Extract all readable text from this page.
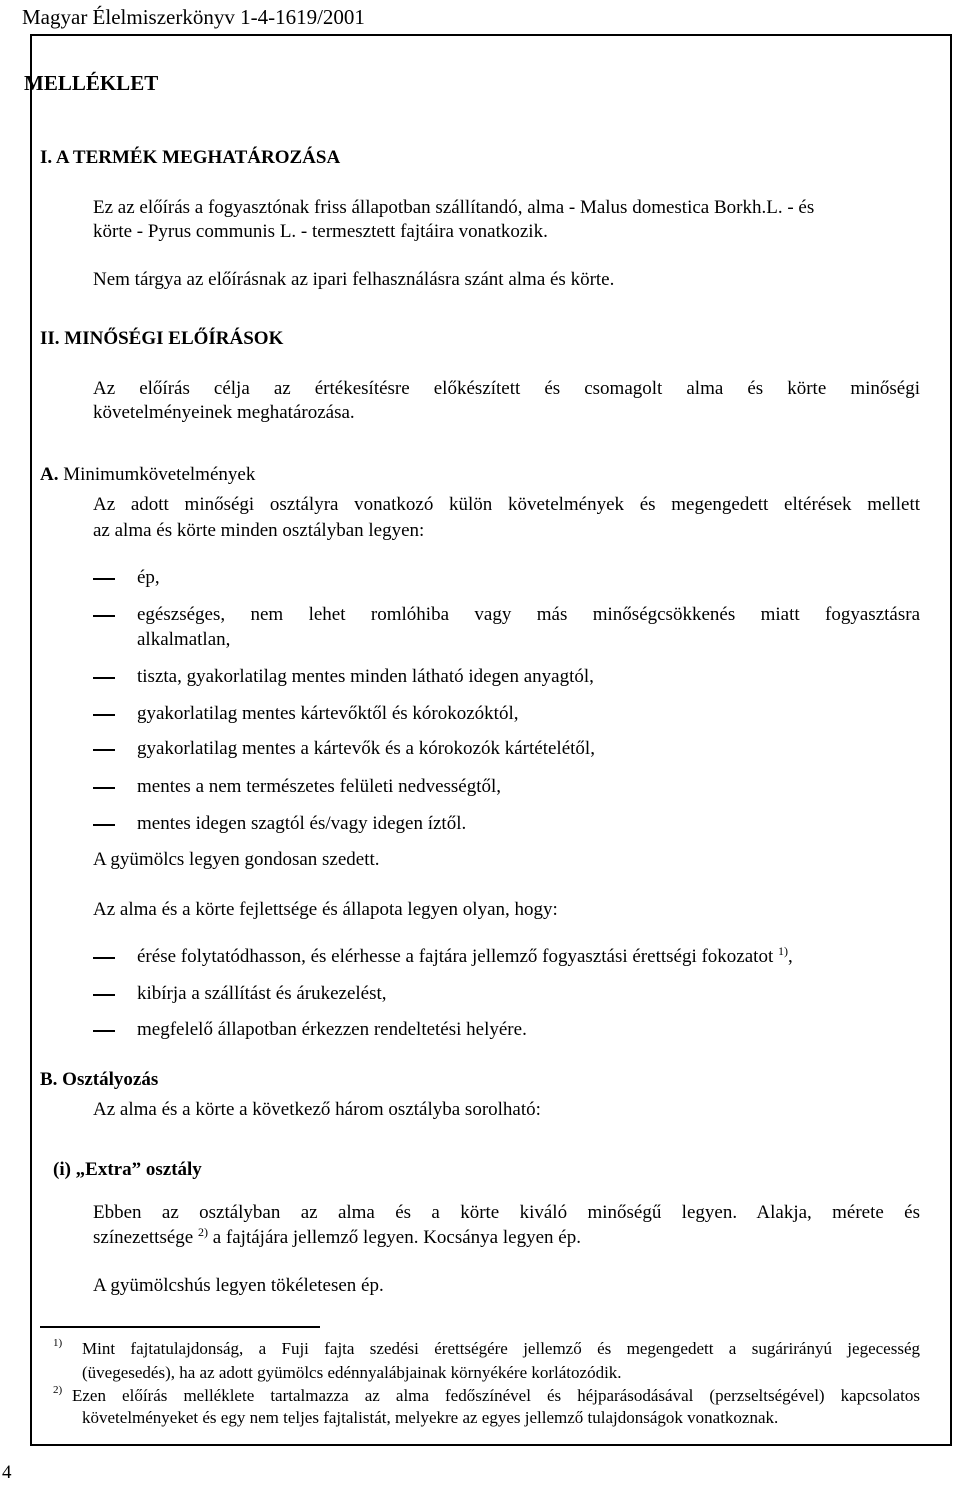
Magyar Élelmiszerkönyv 1-4-1619/2001
MELLÉKLET
I. A TERMÉK MEGHATÁROZÁSA
Ez az előírás a fogyasztónak friss állapotban szállítandó, alma - Malus domestica Borkh.L. - és
körte - Pyrus communis L. - termesztett fajtáira vonatkozik.
Nem tárgya az előírásnak az ipari felhasználásra szánt alma és körte.
II. MINŐSÉGI ELŐÍRÁSOK
Az előírás célja az értékesítésre előkészített és csomagolt alma és körte minőségi
követelményeinek meghatározása.
A. Minimumkövetelmények
Az adott minőségi osztályra vonatkozó külön követelmények és megengedett eltérések mellett
az alma és körte minden osztályban legyen:
ép,
egészséges, nem lehet romlóhiba vagy más minőségcsökkenés miatt fogyasztásra
alkalmatlan,
tiszta, gyakorlatilag mentes minden látható idegen anyagtól,
gyakorlatilag mentes kártevőktől és kórokozóktól,
gyakorlatilag mentes a kártevők és a kórokozók kártételétől,
mentes a nem természetes felületi nedvességtől,
mentes idegen szagtól és/vagy idegen íztől.
A gyümölcs legyen gondosan szedett.
Az alma és a körte fejlettsége és állapota legyen olyan, hogy:
érése folytatódhasson, és elérhesse a fajtára jellemző fogyasztási érettségi fokozatot $^{1)}$,
kibírja a szállítást és árukezelést,
megfelelő állapotban érkezzen rendeltetési helyére.
B. Osztályozás
Az alma és a körte a következő három osztályba sorolható:
(i) „Extra” osztály
Ebben az osztályban az alma és a körte kiváló minőségű legyen. Alakja, mérete és
színezettsége $^{2)}$ a fajtájára jellemző legyen. Kocsánya legyen ép.
A gyümölcshús legyen tökéletesen ép.
1) Mint fajtatulajdonság, a Fuji fajta szedési érettségére jellemző és megengedett a sugárirányú jegecesség
(üvegesedés), ha az adott gyümölcs edénnyalábjainak környékére korlátozódik.
2) Ezen előírás melléklete tartalmazza az alma fedőszínével és héjparásodásával (perzseltségével) kapcsolatos
követelményeket és egy nem teljes fajtalistát, melyekre az egyes jellemző tulajdonságok vonatkoznak.
4
